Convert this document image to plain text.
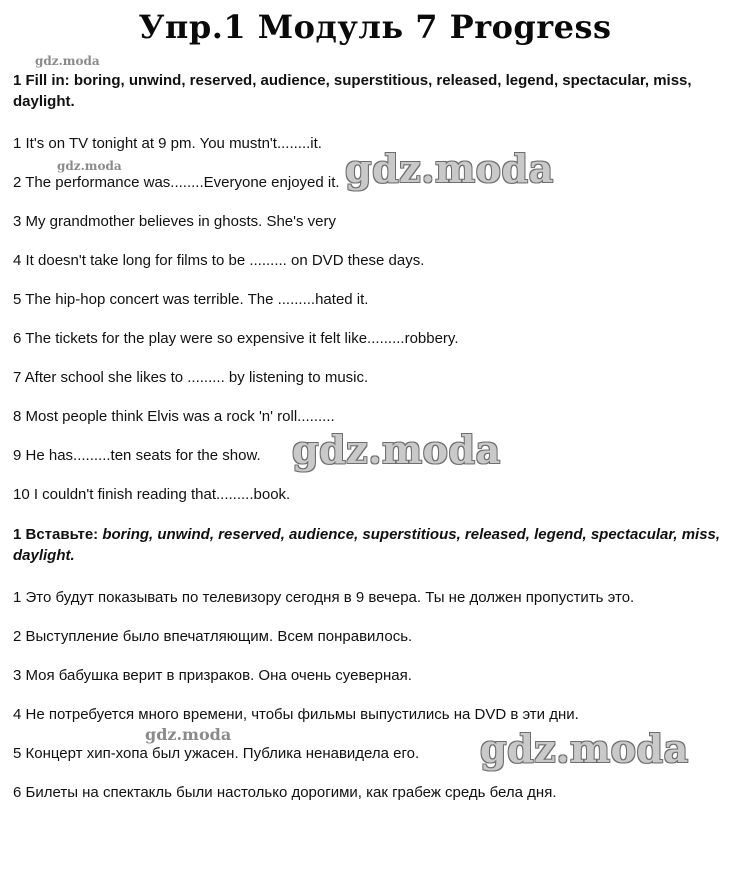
Упр.1 Модуль 7 Progress
1 Fill in: boring, unwind, reserved, audience, superstitious, released, legend, spectacular, miss, daylight.
1 It's on TV tonight at 9 pm. You mustn't........it.
2 The performance was........Everyone enjoyed it.
3 My grandmother believes in ghosts. She's very
4 It doesn't take long for films to be ......... on DVD these days.
5 The hip-hop concert was terrible. The .........hated it.
6 The tickets for the play were so expensive it felt like.........robbery.
7 After school she likes to ......... by listening to music.
8 Most people think Elvis was a rock 'n' roll.........
9 He has.........ten seats for the show.
10 I couldn't finish reading that.........book.
1 Вставьте: boring, unwind, reserved, audience, superstitious, released, legend, spectacular, miss, daylight.
1 Это будут показывать по телевизору сегодня в 9 вечера. Ты не должен пропустить это.
2 Выступление было впечатляющим. Всем понравилось.
3 Моя бабушка верит в призраков. Она очень суеверная.
4 Не потребуется много времени, чтобы фильмы выпустились на DVD в эти дни.
5 Концерт хип-хопа был ужасен. Публика ненавидела его.
6 Билеты на спектакль были настолько дорогими, как грабеж средь бела дня.
gdz.moda
gdz.moda
gdz.moda
gdz.moda
gdz.moda
gdz.moda
